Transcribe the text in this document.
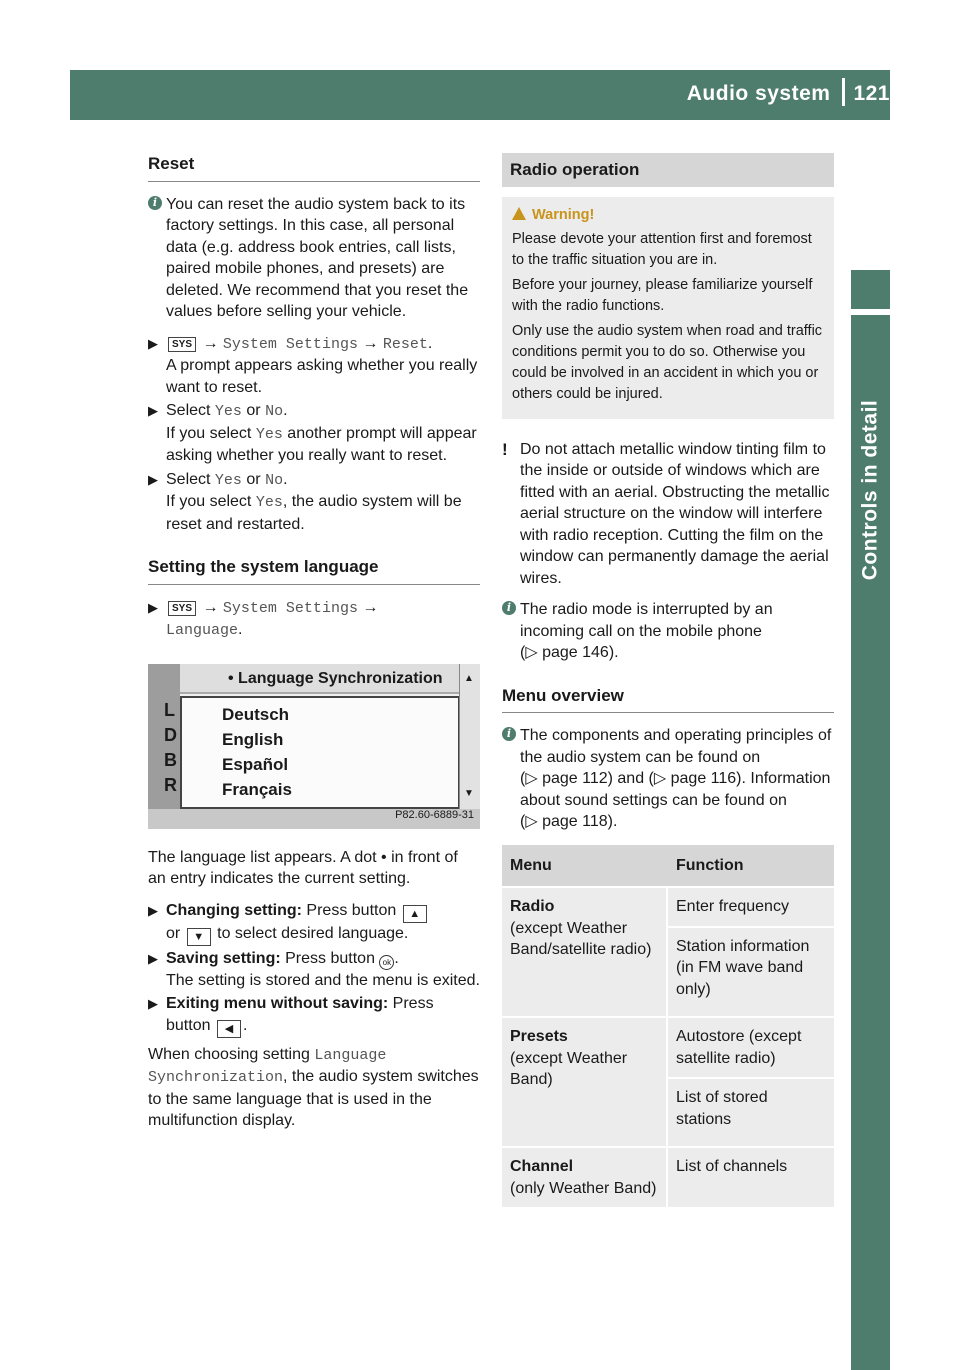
Audio system 121
Controls in detail
Reset
i You can reset the audio system back to its factory settings. In this case, all personal data (e.g. address book entries, call lists, paired mobile phones, and presets) are deleted. We recommend that you reset the values before selling your vehicle.
▶ SYS → System Settings → Reset.
A prompt appears asking whether you really want to reset.
▶ Select Yes or No.
If you select Yes another prompt will appear asking whether you really want to reset.
▶ Select Yes or No.
If you select Yes, the audio system will be reset and restarted.
Setting the system language
▶ SYS → System Settings →
Language.
L
D
B
R
• Language Synchronization
Deutsch
English
Español
Français
▲
▼
P82.60-6889-31

The language list appears. A dot • in front of an entry indicates the current setting.

▶ Changing setting: Press button ▲
or ▼ to select desired language.
▶ Saving setting: Press button ok .
The setting is stored and the menu is exited.
▶ Exiting menu without saving: Press button ◀ .

When choosing setting Language
Synchronization, the audio system switches to the same language that is used in the multifunction display.

Radio operation
Warning!

Please devote your attention first and foremost to the traffic situation you are in.

Before your journey, please familiarize yourself with the radio functions.

Only use the audio system when road and traffic conditions permit you to do so. Otherwise you could be involved in an accident in which you or others could be injured.

! Do not attach metallic window tinting film to the inside or outside of windows which are fitted with an aerial. Obstructing the metallic aerial structure on the window will interfere with radio reception. Cutting the film on the window can permanently damage the aerial wires.
i The radio mode is interrupted by an incoming call on the mobile phone
(▷ page 146).
Menu overview
i The components and operating principles of the audio system can be found on
(▷ page 112) and (▷ page 116). Information about sound settings can be found on
(▷ page 118).
Menu	Function
Radio
(except Weather Band/satellite radio)	Enter frequency
	Station information (in FM wave band only)
Presets
(except Weather Band)	Autostore (except satellite radio)
	List of stored stations
Channel
(only Weather Band)	List of channels
